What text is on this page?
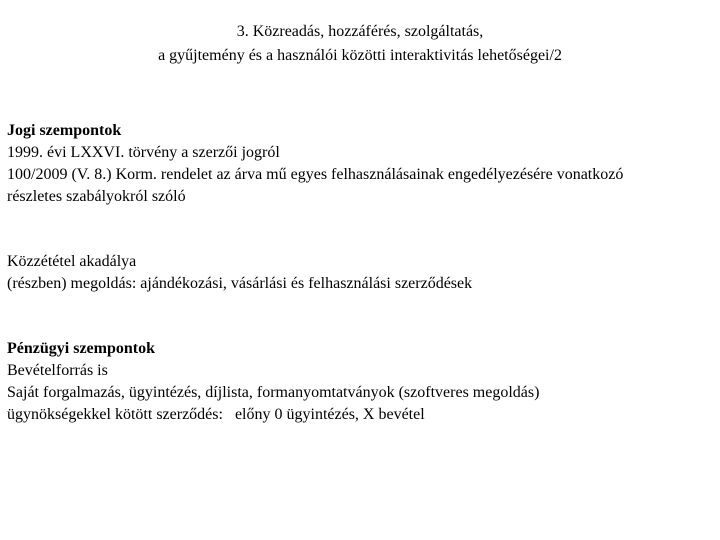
3. Közreadás, hozzáférés, szolgáltatás,
a gyűjtemény és a használói közötti interaktivitás lehetőségei/2
Jogi szempontok
1999. évi LXXVI. törvény a szerzői jogról
100/2009 (V. 8.) Korm. rendelet az árva mű egyes felhasználásainak engedélyezésére vonatkozó
részletes szabályokról szóló
Közzététel akadálya
(részben) megoldás: ajándékozási, vásárlási és felhasználási szerződések
Pénzügyi szempontok
Bevételforrás is
Saját forgalmazás, ügyintézés, díjlista, formanyomtatványok (szoftveres megoldás)
ügynökségekkel kötött szerződés:   előny 0 ügyintézés, X bevétel
